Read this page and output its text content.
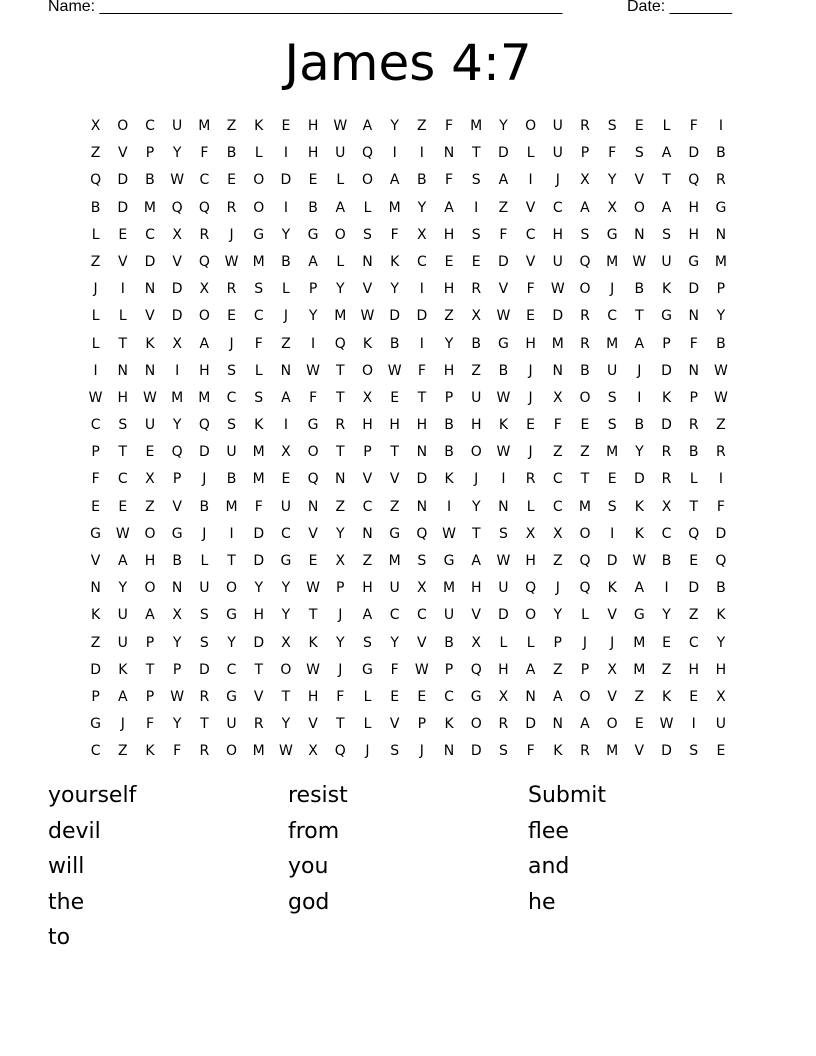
Name: ____________________________________________________	Date: _______
James 4:7
X	O	C	U	M	Z	K	E	H	W	A	Y	Z	F	M	Y	O	U	R	S	E	L	F	I
Z	V	P	Y	F	B	L	I	H	U	Q	I	I	N	T	D	L	U	P	F	S	A	D	B
Q	D	B	W	C	E	O	D	E	L	O	A	B	F	S	A	I	J	X	Y	V	T	Q	R
B	D	M	Q	Q	R	O	I	B	A	L	M	Y	A	I	Z	V	C	A	X	O	A	H	G
L	E	C	X	R	J	G	Y	G	O	S	F	X	H	S	F	C	H	S	G	N	S	H	N
Z	V	D	V	Q	W	M	B	A	L	N	K	C	E	E	D	V	U	Q	M	W	U	G	M
J	I	N	D	X	R	S	L	P	Y	V	Y	I	H	R	V	F	W	O	J	B	K	D	P
L	L	V	D	O	E	C	J	Y	M	W	D	D	Z	X	W	E	D	R	C	T	G	N	Y
L	T	K	X	A	J	F	Z	I	Q	K	B	I	Y	B	G	H	M	R	M	A	P	F	B
I	N	N	I	H	S	L	N	W	T	O	W	F	H	Z	B	J	N	B	U	J	D	N	W
W	H	W	M	M	C	S	A	F	T	X	E	T	P	U	W	J	X	O	S	I	K	P	W
C	S	U	Y	Q	S	K	I	G	R	H	H	H	B	H	K	E	F	E	S	B	D	R	Z
P	T	E	Q	D	U	M	X	O	T	P	T	N	B	O	W	J	Z	Z	M	Y	R	B	R
F	C	X	P	J	B	M	E	Q	N	V	V	D	K	J	I	R	C	T	E	D	R	L	I
E	E	Z	V	B	M	F	U	N	Z	C	Z	N	I	Y	N	L	C	M	S	K	X	T	F
G	W	O	G	J	I	D	C	V	Y	N	G	Q	W	T	S	X	X	O	I	K	C	Q	D
V	A	H	B	L	T	D	G	E	X	Z	M	S	G	A	W	H	Z	Q	D	W	B	E	Q
N	Y	O	N	U	O	Y	Y	W	P	H	U	X	M	H	U	Q	J	Q	K	A	I	D	B
K	U	A	X	S	G	H	Y	T	J	A	C	C	U	V	D	O	Y	L	V	G	Y	Z	K
Z	U	P	Y	S	Y	D	X	K	Y	S	Y	V	B	X	L	L	P	J	J	M	E	C	Y
D	K	T	P	D	C	T	O	W	J	G	F	W	P	Q	H	A	Z	P	X	M	Z	H	H
P	A	P	W	R	G	V	T	H	F	L	E	E	C	G	X	N	A	O	V	Z	K	E	X
G	J	F	Y	T	U	R	Y	V	T	L	V	P	K	O	R	D	N	A	O	E	W	I	U
C	Z	K	F	R	O	M	W	X	Q	J	S	J	N	D	S	F	K	R	M	V	D	S	E
yourself	resist	Submit
devil	from	flee
will	you	and
the	god	he
to
